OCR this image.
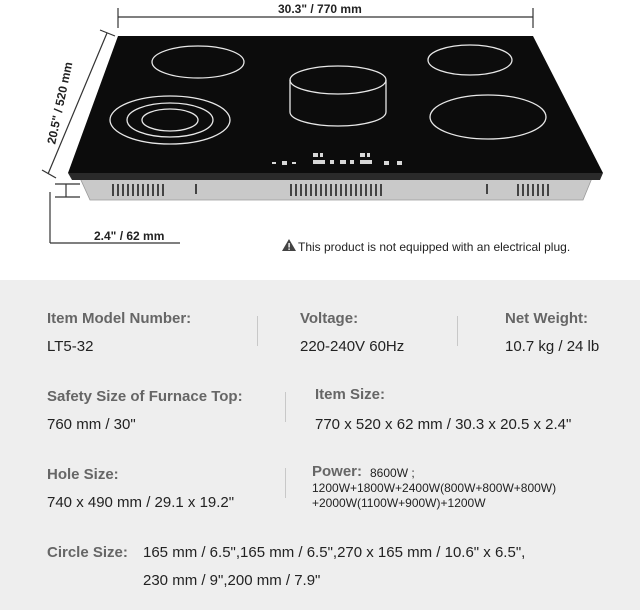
30.3" / 770 mm
20.5" / 520 mm
2.4" / 62 mm
This product is not equipped with an electrical plug.
Item Model Number:
LT5-32
Voltage:
220-240V 60Hz
Net Weight:
10.7 kg / 24 lb
Safety Size of Furnace Top:
760 mm / 30"
Item Size:
770 x 520 x 62 mm / 30.3 x 20.5 x 2.4"
Hole Size:
740 x 490 mm / 29.1 x 19.2"
Power: 8600W ;
1200W+1800W+2400W(800W+800W+800W)
+2000W(1100W+900W)+1200W
Circle Size: 165 mm / 6.5",165 mm / 6.5",270 x 165 mm / 10.6" x 6.5",
230 mm / 9",200 mm / 7.9"
